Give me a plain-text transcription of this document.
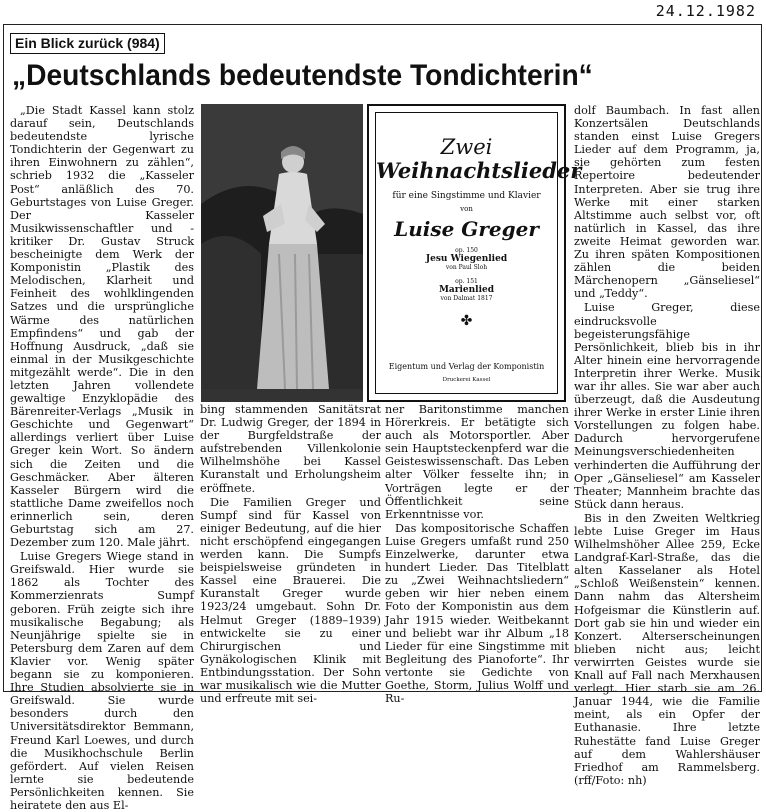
24.12.1982
Ein Blick zurück (984)
„Deutschlands bedeutendste Tondichterin“

„Die Stadt Kassel kann stolz darauf sein, Deutschlands bedeutendste lyrische Tondichterin der Gegenwart zu ihren Einwohnern zu zählen“, schrieb 1932 die „Kasseler Post“ anläßlich des 70. Geburtstages von Luise Greger. Der Kasseler Musikwissenschaftler und -kritiker Dr. Gustav Struck bescheinigte dem Werk der Komponistin „Plastik des Melodischen, Klarheit und Feinheit des wohlklingenden Satzes und die ursprüngliche Wärme des natürlichen Empfindens“ und gab der Hoffnung Ausdruck, „daß sie einmal in der Musikgeschichte mitgezählt werde“. Die in den letzten Jahren vollendete gewaltige Enzyklopädie des Bärenreiter-Verlags „Musik in Geschichte und Gegenwart“ allerdings verliert über Luise Greger kein Wort. So ändern sich die Zeiten und die Geschmäcker. Aber älteren Kasseler Bürgern wird die stattliche Dame zweifellos noch erinnerlich sein, deren Geburtstag sich am 27. Dezember zum 120. Male jährt.

Luise Gregers Wiege stand in Greifswald. Hier wurde sie 1862 als Tochter des Kommerzienrats Sumpf geboren. Früh zeigte sich ihre musikalische Begabung; als Neunjährige spielte sie in Petersburg dem Zaren auf dem Klavier vor. Wenig später begann sie zu komponieren. Ihre Studien absolvierte sie in Greifswald. Sie wurde besonders durch den Universitätsdirektor Bemmann, Freund Karl Loewes, und durch die Musikhochschule Berlin gefördert. Auf vielen Reisen lernte sie bedeutende Persönlichkeiten kennen. Sie heiratete den aus El-

Zwei
Weihnachtslieder
für eine Singstimme und Klavier
von
Luise Greger
op. 150
Jesu Wiegenlied
von Paul Sloh
op. 151
Marienlied
von Dalmat 1817
✤
Eigentum und Verlag der Komponistin
Druckerei Kassel

bing stammenden Sanitätsrat Dr. Ludwig Greger, der 1894 in der Burgfeldstraße der aufstrebenden Villenkolonie Wilhelmshöhe bei Kassel Kuranstalt und Erholungsheim eröffnete.

Die Familien Greger und Sumpf sind für Kassel von einiger Bedeutung, auf die hier nicht erschöpfend eingegangen werden kann. Die Sumpfs beispielsweise gründeten in Kassel eine Brauerei. Die Kuranstalt Greger wurde 1923/24 umgebaut. Sohn Dr. Helmut Greger (1889–1939) entwickelte sie zu einer Chirurgischen und Gynäkologischen Klinik mit Entbindungsstation. Der Sohn war musikalisch wie die Mutter und erfreute mit sei-

ner Baritonstimme manchen Hörerkreis. Er betätigte sich auch als Motorsportler. Aber sein Hauptsteckenpferd war die Geisteswissenschaft. Das Leben alter Völker fesselte ihn; in Vorträgen legte er der Öffentlichkeit seine Erkenntnisse vor.

Das kompositorische Schaffen Luise Gregers umfaßt rund 250 Einzelwerke, darunter etwa hundert Lieder. Das Titelblatt zu „Zwei Weihnachtsliedern“ geben wir hier neben einem Foto der Komponistin aus dem Jahr 1915 wieder. Weitbekannt und beliebt war ihr Album „18 Lieder für eine Singstimme mit Begleitung des Pianoforte“. Ihr vertonte sie Gedichte von Goethe, Storm, Julius Wolff und Ru-

dolf Baumbach. In fast allen Konzertsälen Deutschlands standen einst Luise Gregers Lieder auf dem Programm, ja, sie gehörten zum festen Repertoire bedeutender Interpreten. Aber sie trug ihre Werke mit einer starken Altstimme auch selbst vor, oft natürlich in Kassel, das ihre zweite Heimat geworden war. Zu ihren späten Kompositionen zählen die beiden Märchenopern „Gänseliesel“ und „Teddy“.

Luise Greger, diese eindrucksvolle begeisterungsfähige Persönlichkeit, blieb bis in ihr Alter hinein eine hervorragende Interpretin ihrer Werke. Musik war ihr alles. Sie war aber auch überzeugt, daß die Ausdeutung ihrer Werke in erster Linie ihren Vorstellungen zu folgen habe. Dadurch hervorgerufene Meinungsverschiedenheiten verhinderten die Aufführung der Oper „Gänseliesel“ am Kasseler Theater; Mannheim brachte das Stück dann heraus.

Bis in den Zweiten Weltkrieg lebte Luise Greger im Haus Wilhelmshöher Allee 259, Ecke Landgraf-Karl-Straße, das die alten Kasselaner als Hotel „Schloß Weißenstein“ kennen. Dann nahm das Altersheim Hofgeismar die Künstlerin auf. Dort gab sie hin und wieder ein Konzert. Alterserscheinungen blieben nicht aus; leicht verwirrten Geistes wurde sie Knall auf Fall nach Merxhausen verlegt. Hier starb sie am 26. Januar 1944, wie die Familie meint, als ein Opfer der Euthanasie. Ihre letzte Ruhestätte fand Luise Greger auf dem Wahlershäuser Friedhof am Rammelsberg. (rff/Foto: nh)
